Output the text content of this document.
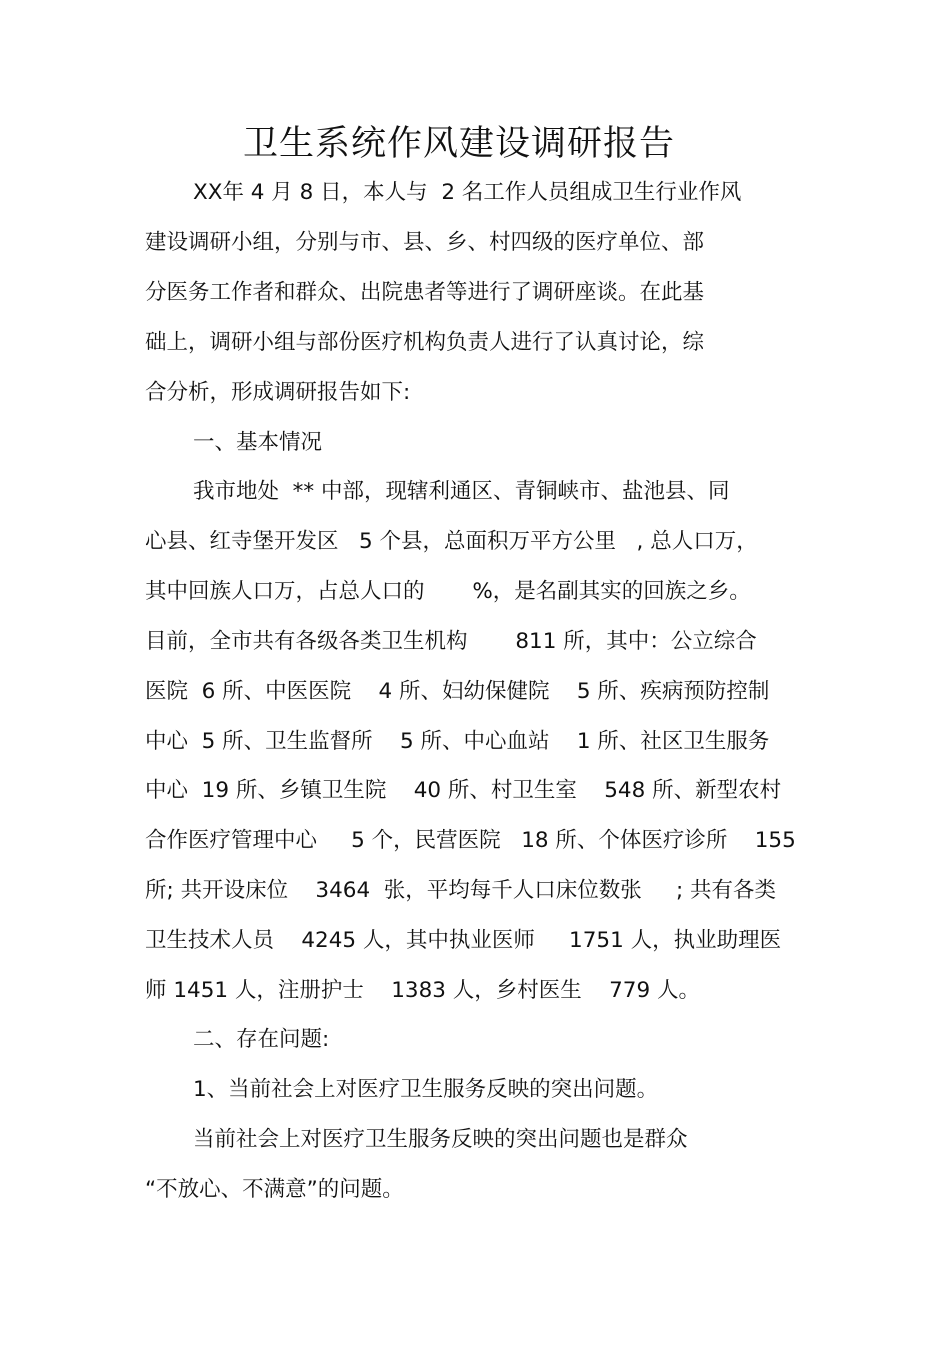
卫生系统作风建设调研报告

XX年 4 月 8 日，本人与  2 名工作人员组成卫生行业作风

建设调研小组，分别与市、县、乡、村四级的医疗单位、部

分医务工作者和群众、出院患者等进行了调研座谈。在此基

础上，调研小组与部份医疗机构负责人进行了认真讨论，综

合分析，形成调研报告如下:

一、基本情况

我市地处  ** 中部，现辖利通区、青铜峡市、盐池县、同

心县、红寺堡开发区   5 个县，总面积万平方公里   , 总人口万，

其中回族人口万，占总人口的       %，是名副其实的回族之乡。

目前，全市共有各级各类卫生机构       811 所，其中：公立综合

医院  6 所、中医医院    4 所、妇幼保健院    5 所、疾病预防控制

中心  5 所、卫生监督所    5 所、中心血站    1 所、社区卫生服务

中心  19 所、乡镇卫生院    40 所、村卫生室    548 所、新型农村

合作医疗管理中心     5 个，民营医院   18 所、个体医疗诊所    155

所; 共开设床位    3464  张，平均每千人口床位数张     ; 共有各类

卫生技术人员    4245 人，其中执业医师     1751 人，执业助理医

师 1451 人，注册护士    1383 人，乡村医生    779 人。

二、存在问题:

1、当前社会上对医疗卫生服务反映的突出问题。

当前社会上对医疗卫生服务反映的突出问题也是群众

“不放心、不满意”的问题。
